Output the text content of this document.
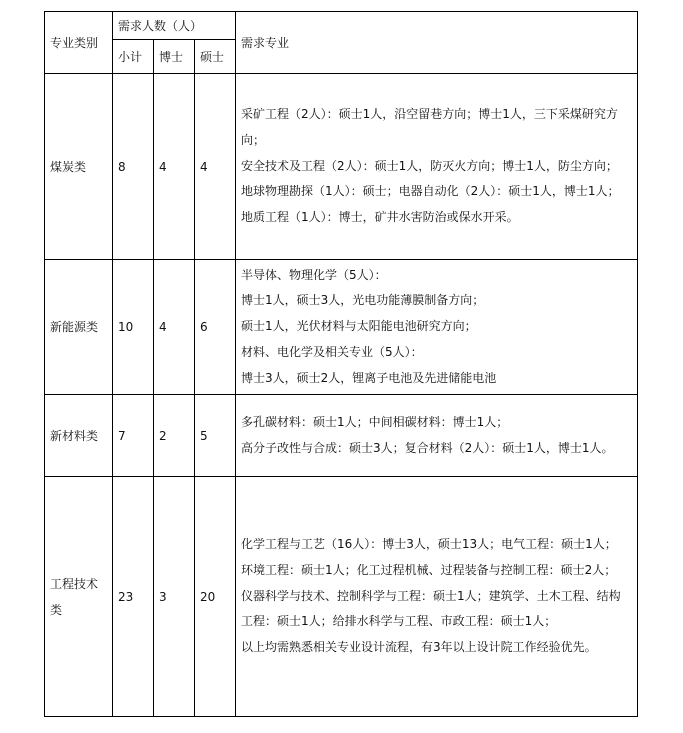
专业类别	需求人数（人）			需求专业
	小计	博士	硕士	
煤炭类	8	4	4	采矿工程（2人）：硕士1人，沿空留巷方向；博士1人，三下采煤研究方向；
安全技术及工程（2人）：硕士1人，防灭火方向；博士1人，防尘方向；
地球物理勘探（1人）：硕士；电器自动化（2人）：硕士1人，博士1人；
地质工程（1人）：博士，矿井水害防治或保水开采。

新能源类	10	4	6	半导体、物理化学（5人）：
博士1人，硕士3人，光电功能薄膜制备方向；
硕士1人，光伏材料与太阳能电池研究方向；
材料、电化学及相关专业（5人）：
博士3人，硕士2人，锂离子电池及先进储能电池

新材料类	7	2	5	多孔碳材料：硕士1人；中间相碳材料：博士1人；
高分子改性与合成：硕士3人；复合材料（2人）：硕士1人，博士1人。

工程技术类	23	3	20	化学工程与工艺（16人）：博士3人，硕士13人；电气工程：硕士1人；
环境工程：硕士1人；化工过程机械、过程装备与控制工程：硕士2人；
仪器科学与技术、控制科学与工程：硕士1人；建筑学、土木工程、结构工程：硕士1人；给排水科学与工程、市政工程：硕士1人；
以上均需熟悉相关专业设计流程，有3年以上设计院工作经验优先。
